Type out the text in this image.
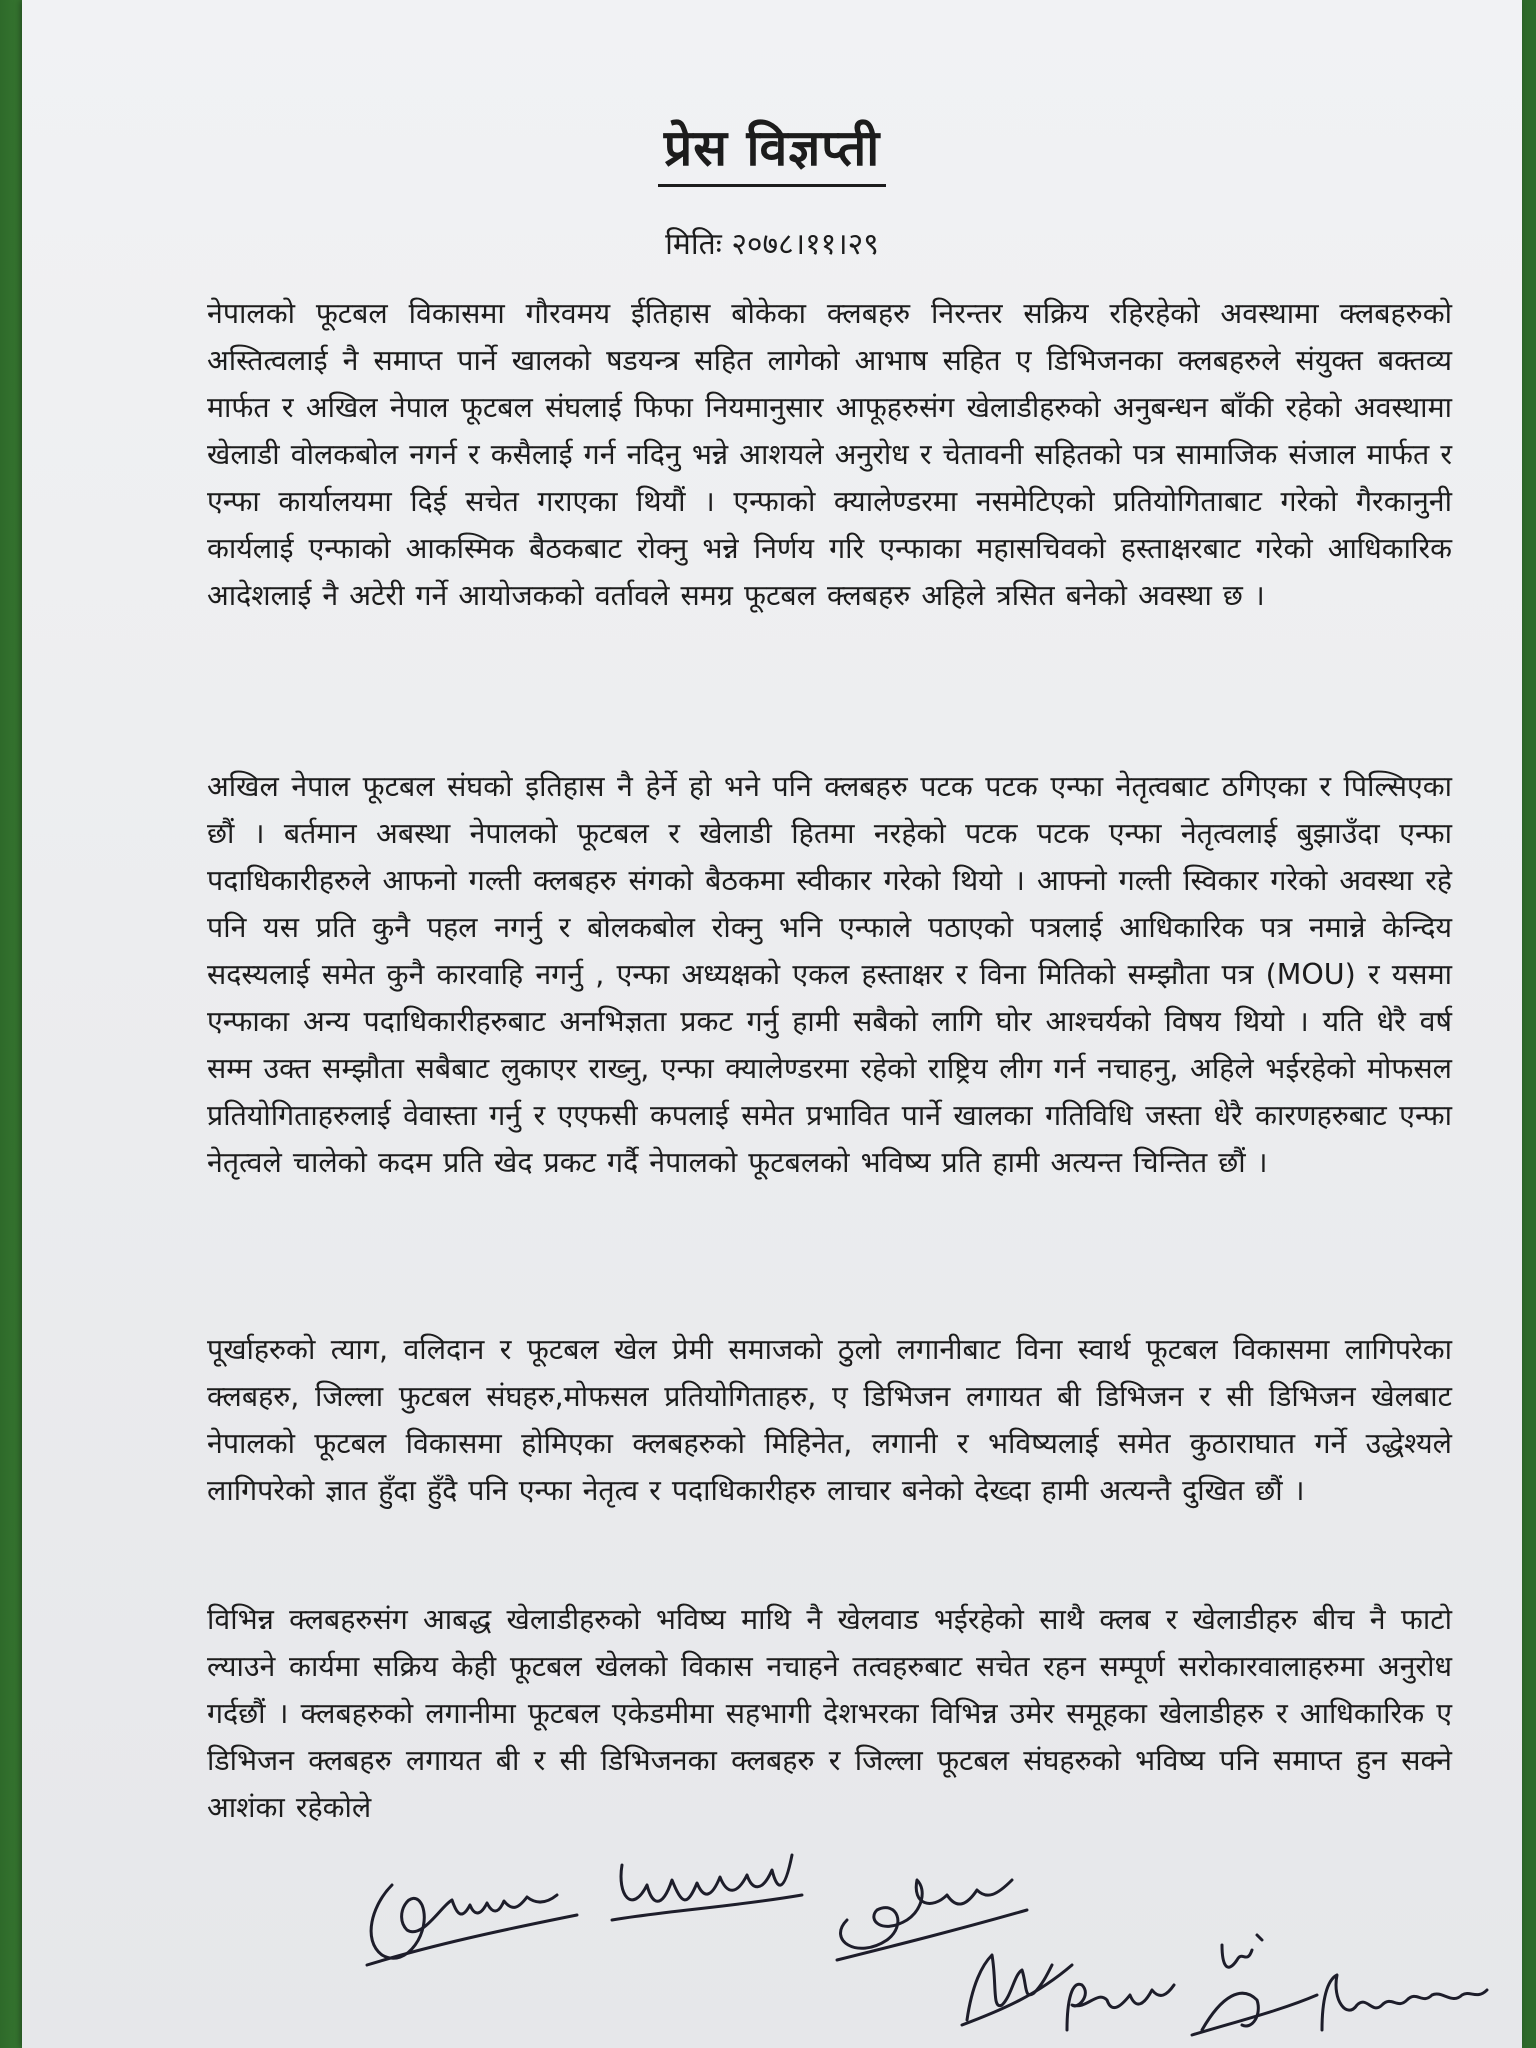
प्रेस विज्ञप्ती
मितिः २०७८।११।२९

नेपालको फूटबल विकासमा गौरवमय ईतिहास बोकेका क्लबहरु निरन्तर सक्रिय रहिरहेको अवस्थामा क्लबहरुको अस्तित्वलाई नै समाप्त पार्ने खालको षडयन्त्र सहित लागेको आभाष सहित ए डिभिजनका क्लबहरुले संयुक्त बक्तव्य मार्फत र अखिल नेपाल फूटबल संघलाई फिफा नियमानुसार आफूहरुसंग खेलाडीहरुको अनुबन्धन बाँकी रहेको अवस्थामा खेलाडी वोलकबोल नगर्न र कसैलाई गर्न नदिनु भन्ने आशयले अनुरोध र चेतावनी सहितको पत्र सामाजिक संजाल मार्फत र एन्फा कार्यालयमा दिई सचेत गराएका थियौं । एन्फाको क्यालेण्डरमा नसमेटिएको प्रतियोगिताबाट गरेको गैरकानुनी कार्यलाई एन्फाको आकस्मिक बैठकबाट रोक्नु भन्ने निर्णय गरि एन्फाका महासचिवको हस्ताक्षरबाट गरेको आधिकारिक आदेशलाई नै अटेरी गर्ने आयोजकको वर्तावले समग्र फूटबल क्लबहरु अहिले त्रसित बनेको अवस्था छ ।

अखिल नेपाल फूटबल संघको इतिहास नै हेर्ने हो भने पनि क्लबहरु पटक पटक एन्फा नेतृत्वबाट ठगिएका र पिल्सिएका छौं । बर्तमान अबस्था नेपालको फूटबल र खेलाडी हितमा नरहेको पटक पटक एन्फा नेतृत्वलाई बुझाउँदा एन्फा पदाधिकारीहरुले आफनो गल्ती क्लबहरु संगको बैठकमा स्वीकार गरेको थियो । आफ्नो गल्ती स्विकार गरेको अवस्था रहे पनि यस प्रति कुनै पहल नगर्नु र बोलकबोल रोक्नु भनि एन्फाले पठाएको पत्रलाई आधिकारिक पत्र नमान्ने केन्दिय सदस्यलाई समेत कुनै कारवाहि नगर्नु , एन्फा अध्यक्षको एकल हस्ताक्षर र विना मितिको सम्झौता पत्र (MOU) र यसमा एन्फाका अन्य पदाधिकारीहरुबाट अनभिज्ञता प्रकट गर्नु हामी सबैको लागि घोर आश्चर्यको विषय थियो । यति धेरै वर्ष सम्म उक्त सम्झौता सबैबाट लुकाएर राख्नु, एन्फा क्यालेण्डरमा रहेको राष्ट्रिय लीग गर्न नचाहनु, अहिले भईरहेको मोफसल प्रतियोगिताहरुलाई वेवास्ता गर्नु र एएफसी कपलाई समेत प्रभावित पार्ने खालका गतिविधि जस्ता धेरै कारणहरुबाट एन्फा नेतृत्वले चालेको कदम प्रति खेद प्रकट गर्दै नेपालको फूटबलको भविष्य प्रति हामी अत्यन्त चिन्तित छौं ।

पूर्खाहरुको त्याग, वलिदान र फूटबल खेल प्रेमी समाजको ठुलो लगानीबाट विना स्वार्थ फूटबल विकासमा लागिपरेका क्लबहरु, जिल्ला फुटबल संघहरु,मोफसल प्रतियोगिताहरु, ए डिभिजन लगायत बी डिभिजन र सी डिभिजन खेलबाट नेपालको फूटबल विकासमा होमिएका क्लबहरुको मिहिनेत, लगानी र भविष्यलाई समेत कुठाराघात गर्ने उद्धेश्यले लागिपरेको ज्ञात हुँदा हुँदै पनि एन्फा नेतृत्व र पदाधिकारीहरु लाचार बनेको देख्दा हामी अत्यन्तै दुखित छौं ।

विभिन्न क्लबहरुसंग आबद्ध खेलाडीहरुको भविष्य माथि नै खेलवाड भईरहेको साथै क्लब र खेलाडीहरु बीच नै फाटो ल्याउने कार्यमा सक्रिय केही फूटबल खेलको विकास नचाहने तत्वहरुबाट सचेत रहन सम्पूर्ण सरोकारवालाहरुमा अनुरोध गर्दछौं । क्लबहरुको लगानीमा फूटबल एकेडमीमा सहभागी देशभरका विभिन्न उमेर समूहका खेलाडीहरु र आधिकारिक ए डिभिजन क्लबहरु लगायत बी र सी डिभिजनका क्लबहरु र जिल्ला फूटबल संघहरुको भविष्य पनि समाप्त हुन सक्ने आशंका रहेकोले
